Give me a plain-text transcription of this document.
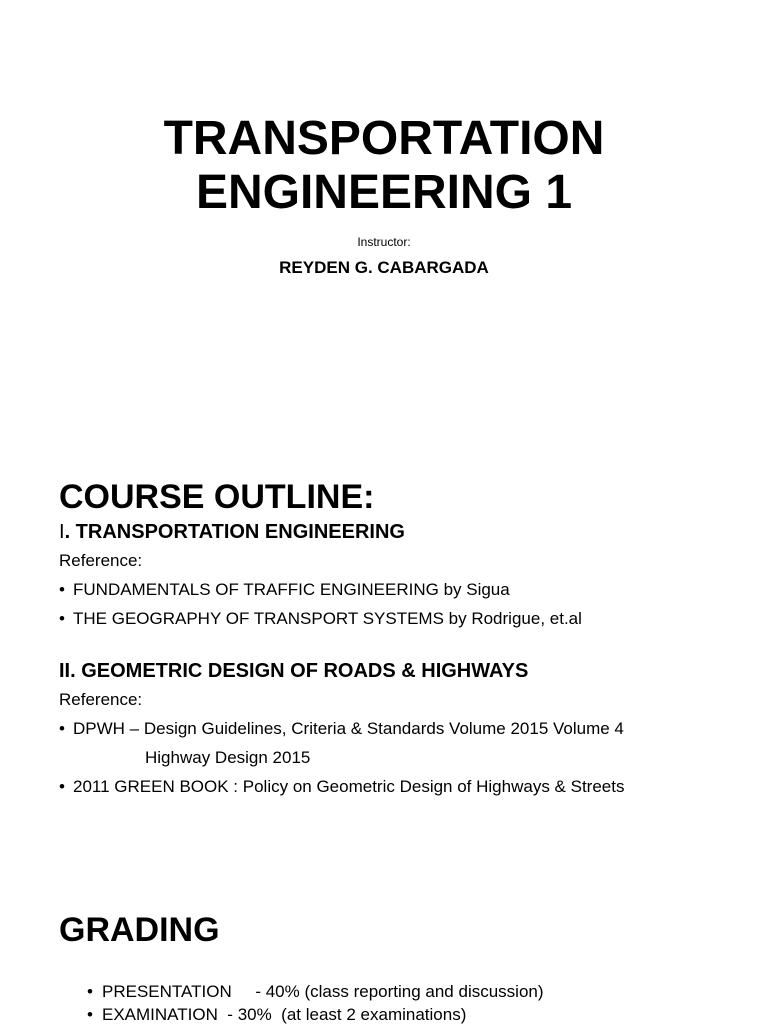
TRANSPORTATION
ENGINEERING 1
Instructor:
REYDEN G. CABARGADA
COURSE OUTLINE:
I. TRANSPORTATION ENGINEERING
Reference:
• FUNDAMENTALS OF TRAFFIC ENGINEERING by Sigua
• THE GEOGRAPHY OF TRANSPORT SYSTEMS by Rodrigue, et.al
II. GEOMETRIC DESIGN OF ROADS & HIGHWAYS
Reference:
• DPWH – Design Guidelines, Criteria & Standards Volume 2015 Volume 4
Highway Design 2015
• 2011 GREEN BOOK : Policy on Geometric Design of Highways & Streets
GRADING
• PRESENTATION     - 40% (class reporting and discussion)
• EXAMINATION  - 30%  (at least 2 examinations)
